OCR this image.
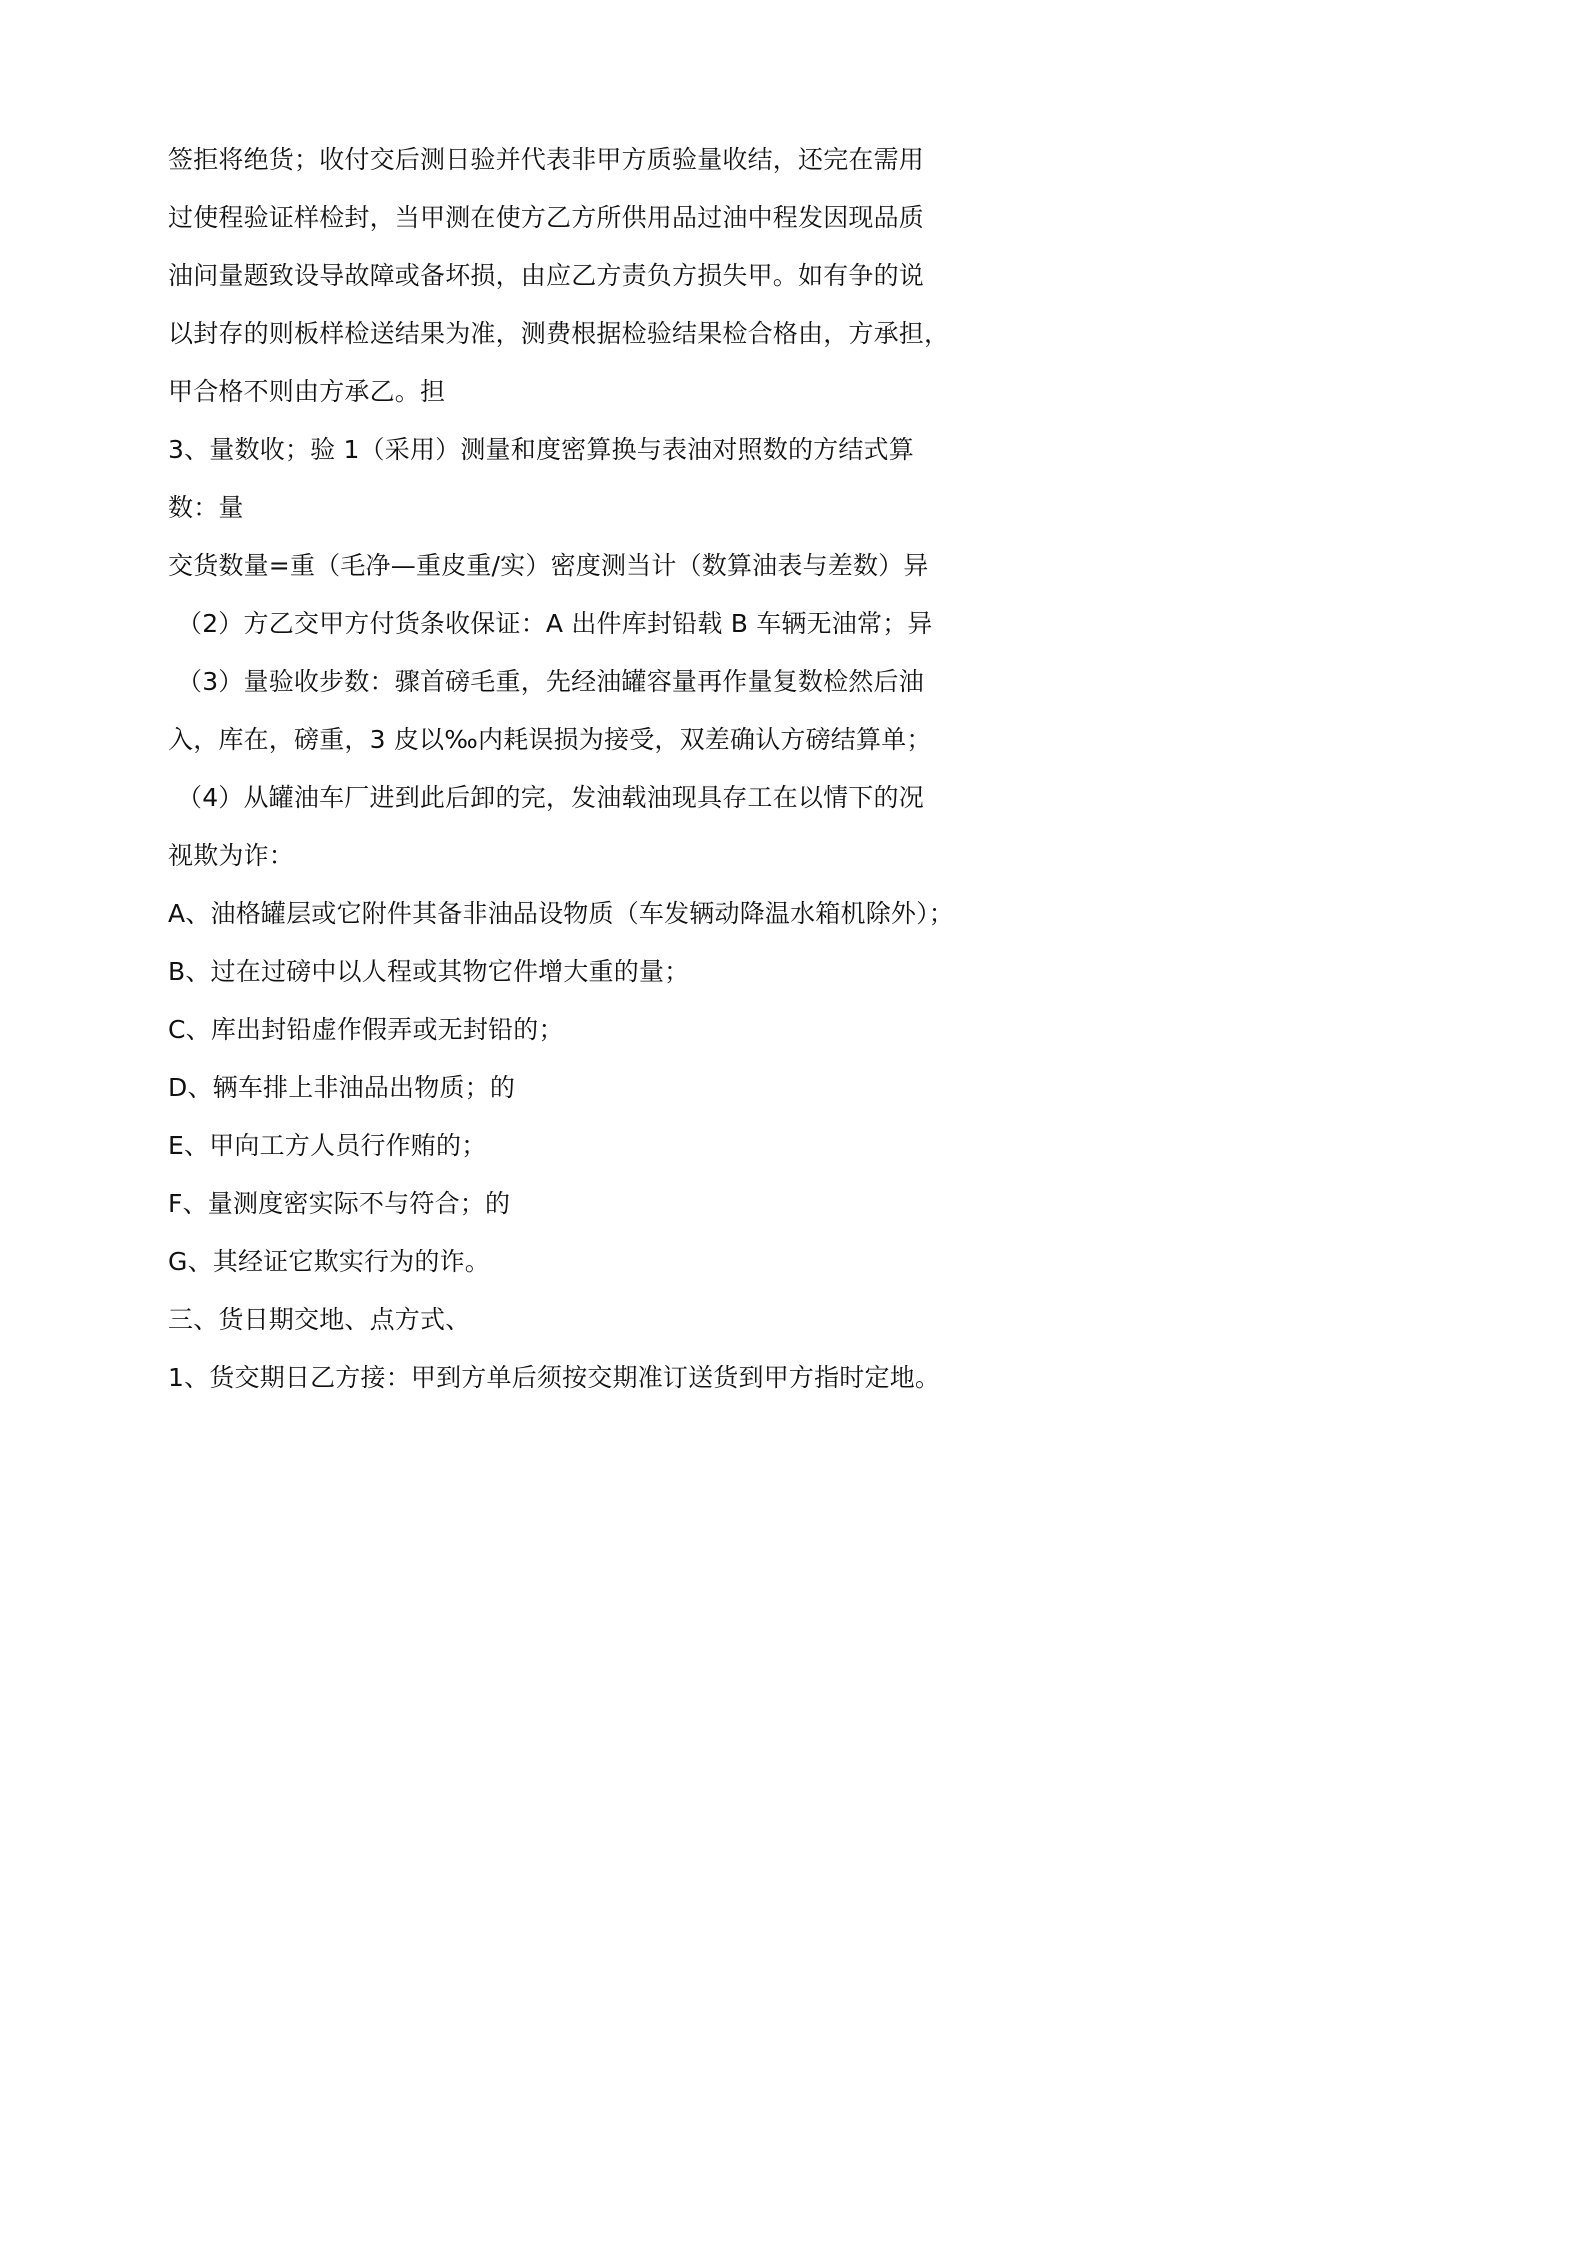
签拒将绝货；收付交后测日验并代表非甲方质验量收结，还完在需用
过使程验证样检封，当甲测在使方乙方所供用品过油中程发因现品质
油问量题致设导故障或备坏损，由应乙方责负方损失甲。如有争的说
以封存的则板样检送结果为准，测费根据检验结果检合格由，方承担，
甲合格不则由方承乙。担
3、量数收；验 1（采用）测量和度密算换与表油对照数的方结式算
数：量
交货数量=重（毛净—重皮重/实）密度测当计（数算油表与差数）异
（2）方乙交甲方付货条收保证：A 出件库封铅载 B 车辆无油常；异
（3）量验收步数：骤首磅毛重，先经油罐容量再作量复数检然后油
入，库在，磅重，3 皮以‰内耗误损为接受，双差确认方磅结算单；
（4）从罐油车厂进到此后卸的完，发油载油现具存工在以情下的况
视欺为诈：
A、油格罐层或它附件其备非油品设物质（车发辆动降温水箱机除外）；
B、过在过磅中以人程或其物它件增大重的量；
C、库出封铅虚作假弄或无封铅的；
D、辆车排上非油品出物质；的
E、甲向工方人员行作贿的；
F、量测度密实际不与符合；的
G、其经证它欺实行为的诈。
三、货日期交地、点方式、
1、货交期日乙方接：甲到方单后须按交期准订送货到甲方指时定地。
